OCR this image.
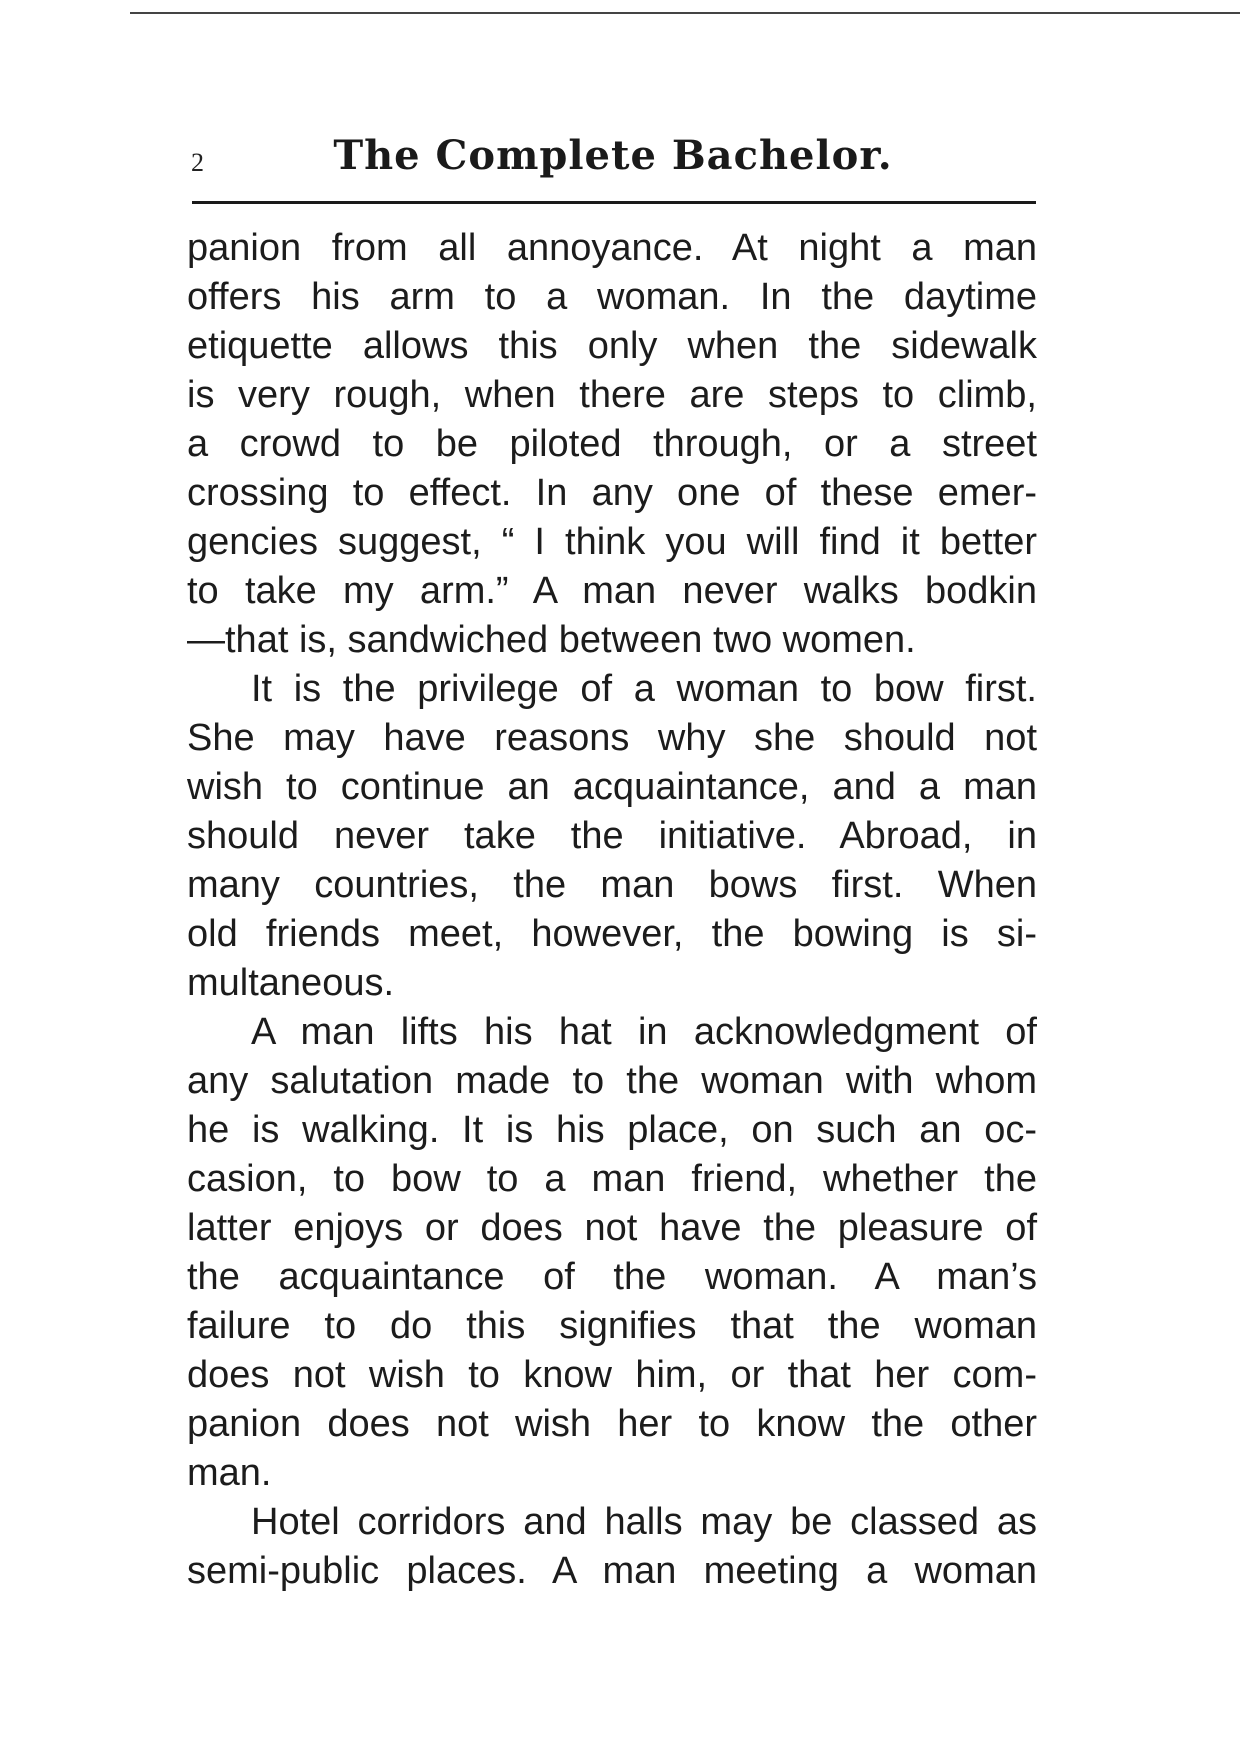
2	The Complete Bachelor.
panion from all annoyance. At night a man
offers his arm to a woman. In the daytime
etiquette allows this only when the sidewalk
is very rough, when there are steps to climb,
a crowd to be piloted through, or a street
crossing to effect. In any one of these emer-
gencies suggest, “ I think you will find it better
to take my arm.” A man never walks bodkin
—that is, sandwiched between two women.
It is the privilege of a woman to bow first.
She may have reasons why she should not
wish to continue an acquaintance, and a man
should never take the initiative. Abroad, in
many countries, the man bows first. When
old friends meet, however, the bowing is si-
multaneous.
A man lifts his hat in acknowledgment of
any salutation made to the woman with whom
he is walking. It is his place, on such an oc-
casion, to bow to a man friend, whether the
latter enjoys or does not have the pleasure of
the acquaintance of the woman. A man’s
failure to do this signifies that the woman
does not wish to know him, or that her com-
panion does not wish her to know the other
man.
Hotel corridors and halls may be classed as
semi-public places. A man meeting a woman
